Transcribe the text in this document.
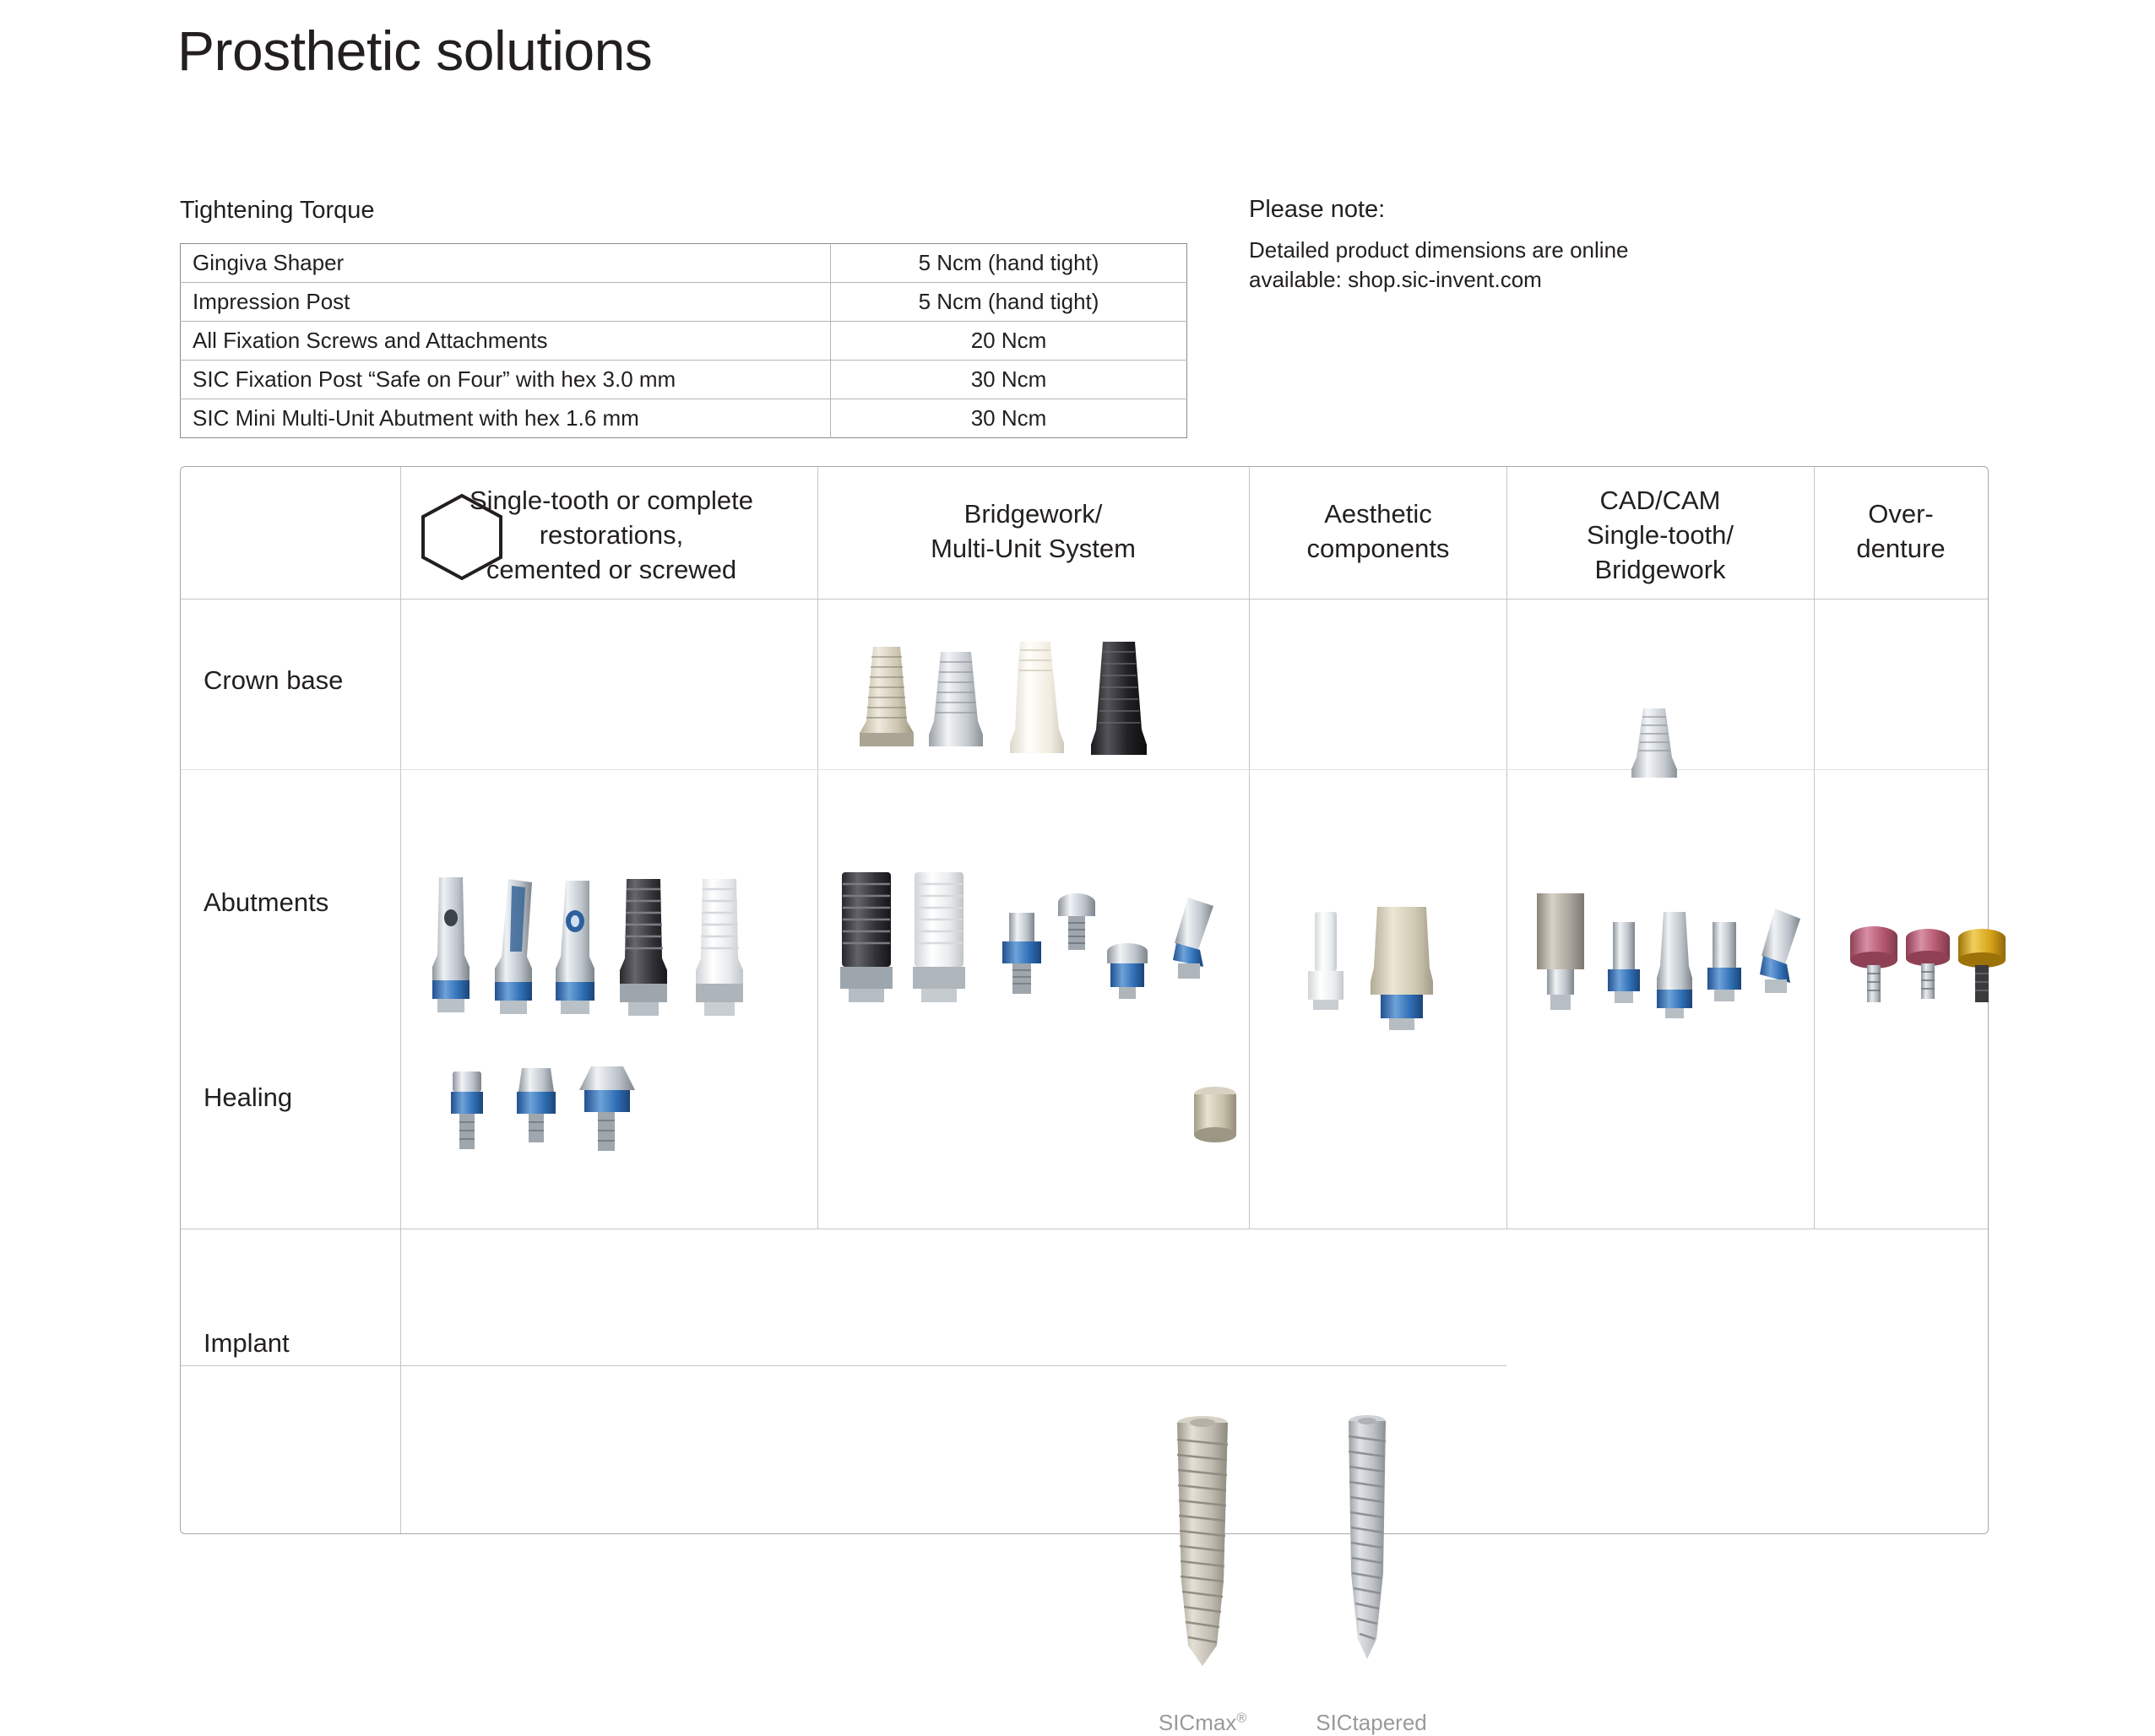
Prosthetic solutions
Tightening Torque
Gingiva Shaper	5 Ncm (hand tight)
Impression Post	5 Ncm (hand tight)
All Fixation Screws and Attachments	20 Ncm
SIC Fixation Post “Safe on Four” with hex 3.0 mm	30 Ncm
SIC Mini Multi-Unit Abutment with hex 1.6 mm	30 Ncm
Please note:
Detailed product dimensions are online
available: shop.sic-invent.com
Single-tooth or complete
restorations,
cemented or screwed
Bridgework/
Multi-Unit System
Aesthetic
components
CAD/CAM
Single-tooth/
Bridgework
Over-
denture
Crown base
Abutments
Healing
Implant
SICmax®	SICtapered
